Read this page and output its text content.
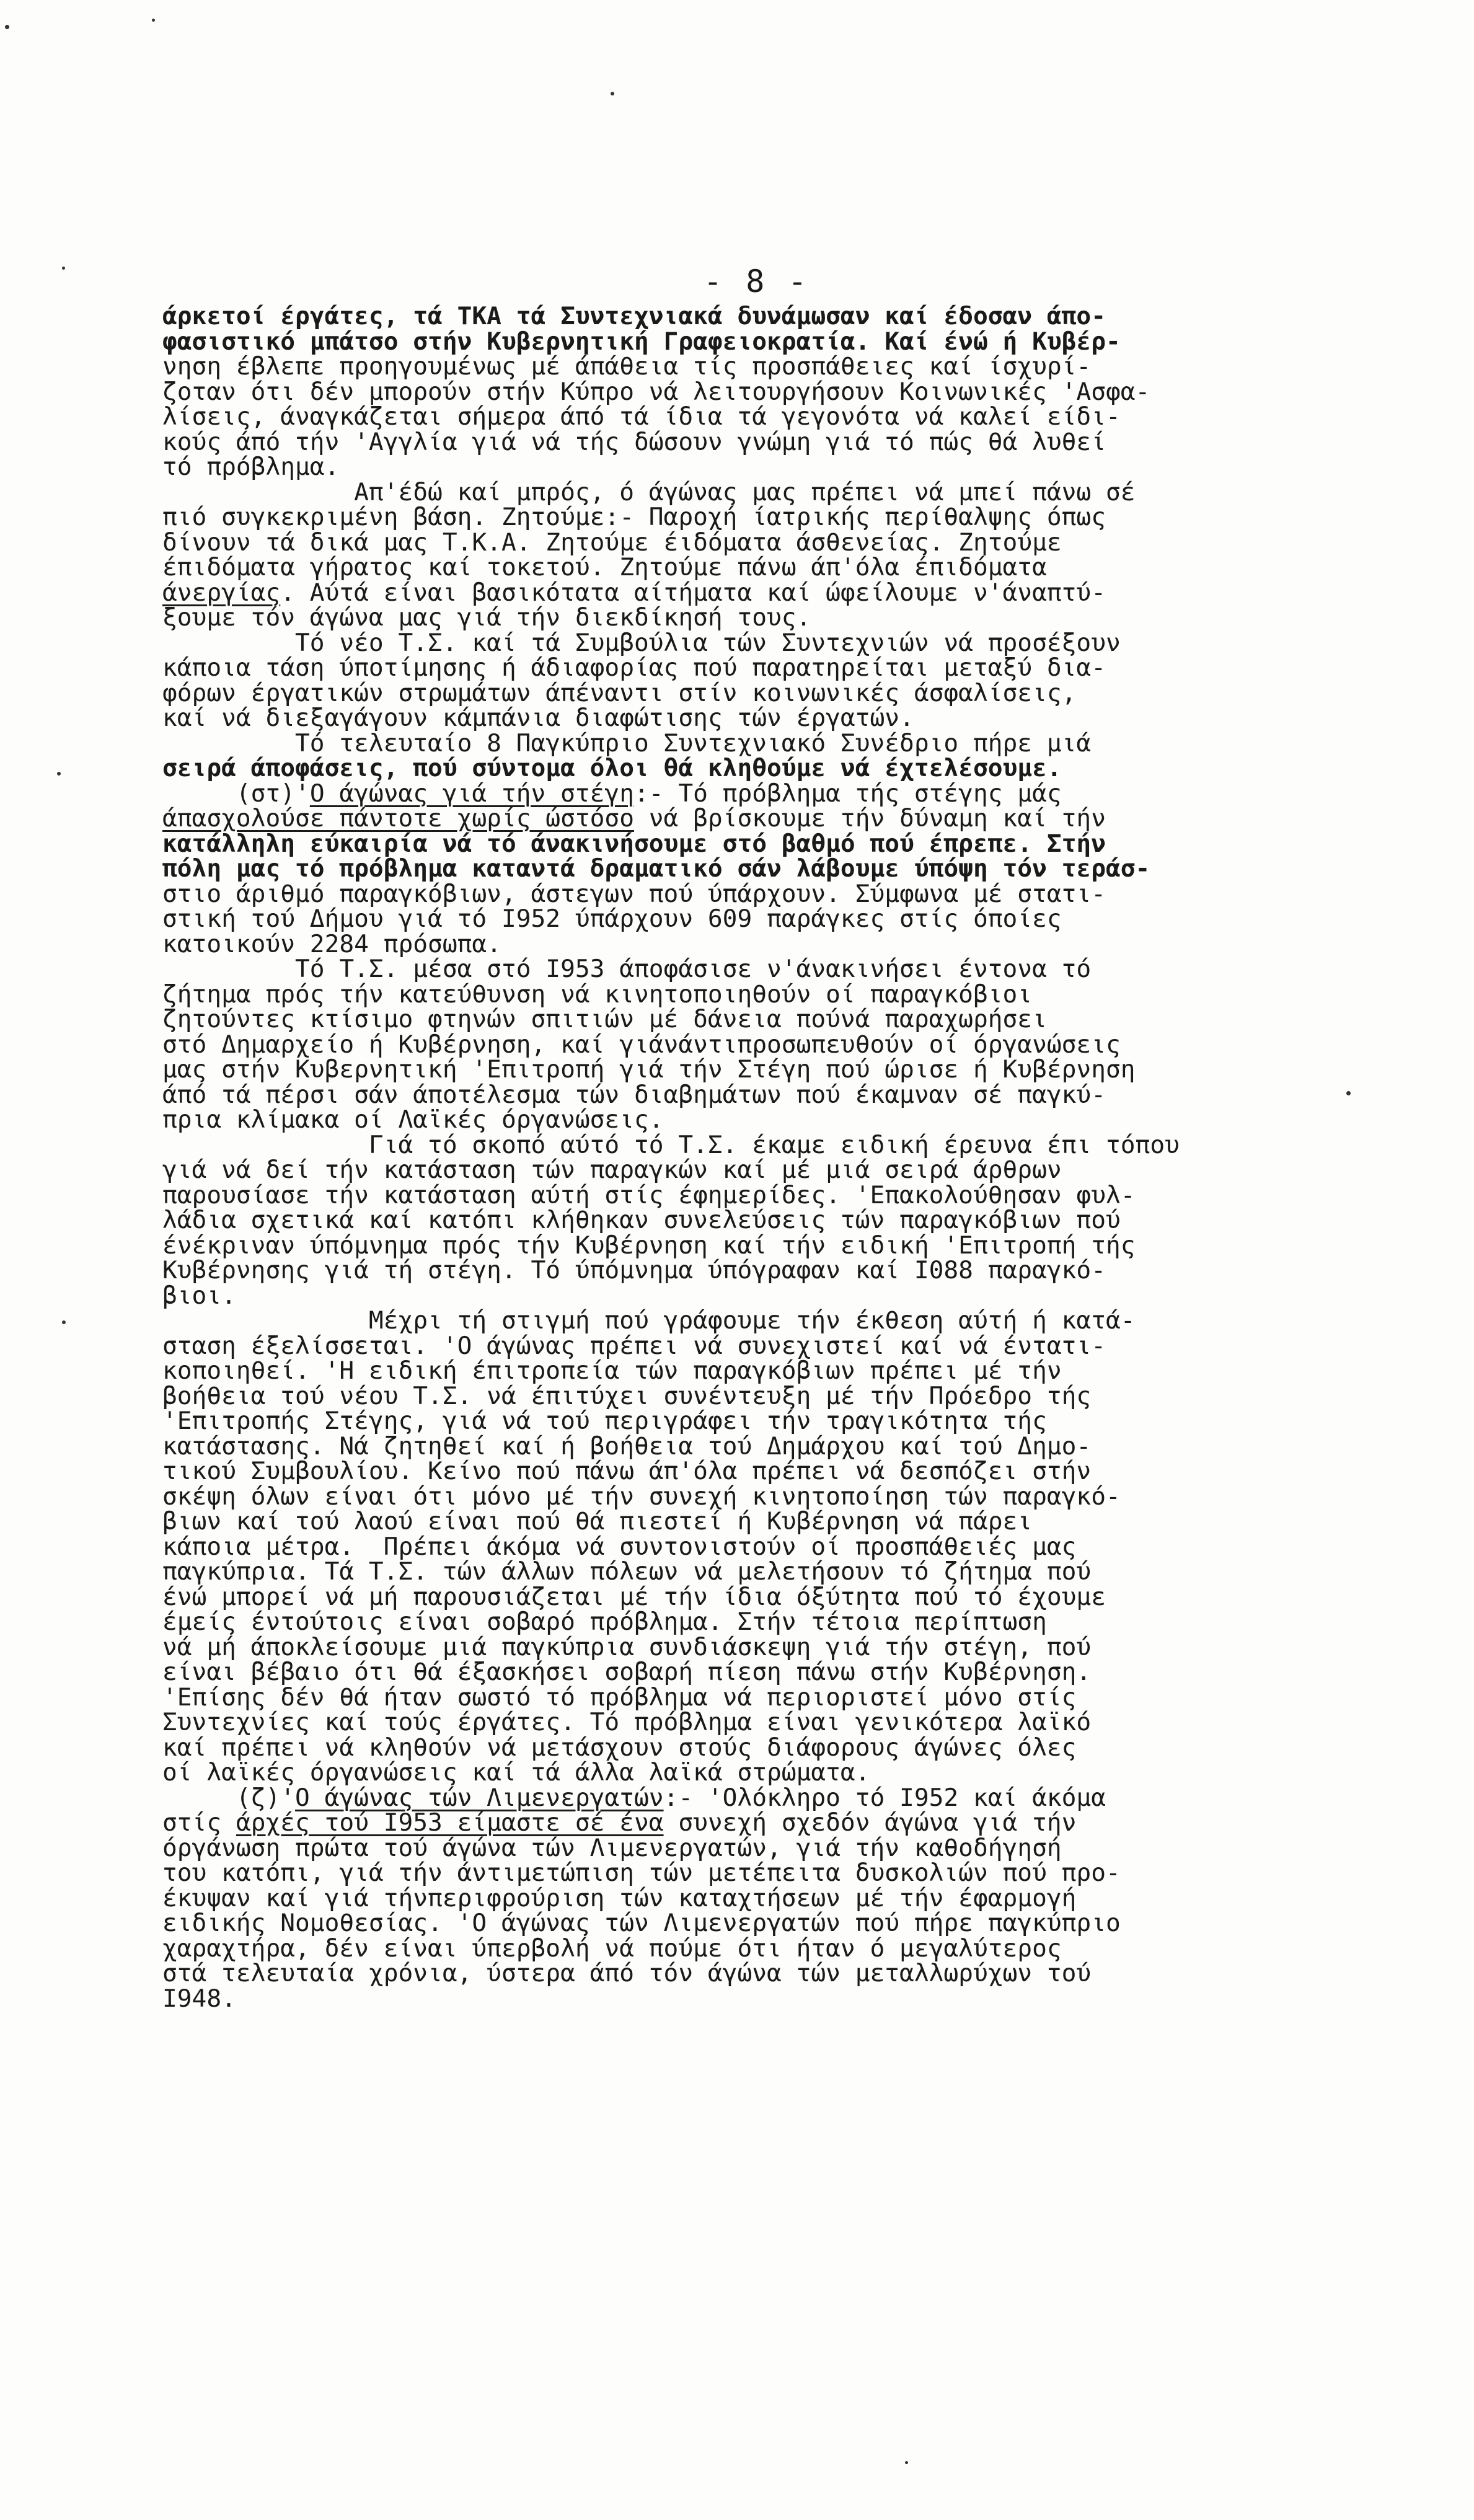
- 8 -
άρκετοί έργάτες, τά ΤΚΑ τά Συντεχνιακά δυνάμωσαν καί έδοσαν άπο-
φασιστικό μπάτσο στήν Κυβερνητική Γραφειοκρατία. Καί ένώ ή Κυβέρ-
νηση έβλεπε προηγουμένως μέ άπάθεια τίς προσπάθειες καί ίσχυρί-
ζοταν ότι δέν μπορούν στήν Κύπρο νά λειτουργήσουν Κοινωνικές 'Ασφα-
λίσεις, άναγκάζεται σήμερα άπό τά ίδια τά γεγονότα νά καλεί είδι-
κούς άπό τήν 'Αγγλία γιά νά τής δώσουν γνώμη γιά τό πώς θά λυθεί
τό πρόβλημα.
Απ'έδώ καί μπρός, ό άγώνας μας πρέπει νά μπεί πάνω σέ
πιό συγκεκριμένη βάση. Ζητούμε:- Παροχή ίατρικής περίθαλψης όπως
δίνουν τά δικά μας Τ.Κ.Α. Ζητούμε έιδόματα άσθενείας. Ζητούμε
έπιδόματα γήρατος καί τοκετού. Ζητούμε πάνω άπ'όλα έπιδόματα
άνεργίας. Αύτά είναι βασικότατα αίτήματα καί ώφείλουμε ν'άναπτύ-
ξουμε τόν άγώνα μας γιά τήν διεκδίκησή τους.
Τό νέο Τ.Σ. καί τά Συμβούλια τών Συντεχνιών νά προσέξουν
κάποια τάση ύποτίμησης ή άδιαφορίας πού παρατηρείται μεταξύ δια-
φόρων έργατικών στρωμάτων άπέναντι στίν κοινωνικές άσφαλίσεις,
καί νά διεξαγάγουν κάμπάνια διαφώτισης τών έργατών.
Τό τελευταίο 8 Παγκύπριο Συντεχνιακό Συνέδριο πήρε μιά
σειρά άποφάσεις, πού σύντομα όλοι θά κληθούμε νά έχτελέσουμε.
(στ)'Ο άγώνας γιά τήν στέγη:- Τό πρόβλημα τής στέγης μάς
άπασχολούσε πάντοτε χωρίς ώστόσο νά βρίσκουμε τήν δύναμη καί τήν
κατάλληλη εύκαιρία νά τό άνακινήσουμε στό βαθμό πού έπρεπε. Στήν
πόλη μας τό πρόβλημα καταντά δραματικό σάν λάβουμε ύπόψη τόν τεράσ-
στιο άριθμό παραγκόβιων, άστεγων πού ύπάρχουν. Σύμφωνα μέ στατι-
στική τού Δήμου γιά τό Ι952 ύπάρχουν 609 παράγκες στίς όποίες
κατοικούν 2284 πρόσωπα.
Τό Τ.Σ. μέσα στό Ι953 άποφάσισε ν'άνακινήσει έντονα τό
ζήτημα πρός τήν κατεύθυνση νά κινητοποιηθούν οί παραγκόβιοι
ζητούντες κτίσιμο φτηνών σπιτιών μέ δάνεια πούνά παραχωρήσει
στό Δημαρχείο ή Κυβέρνηση, καί γιάνάντιπροσωπευθούν οί όργανώσεις
μας στήν Κυβερνητική 'Επιτροπή γιά τήν Στέγη πού ώρισε ή Κυβέρνηση
άπό τά πέρσι σάν άποτέλεσμα τών διαβημάτων πού έκαμναν σέ παγκύ-
πρια κλίμακα οί Λαϊκές όργανώσεις.
Γιά τό σκοπό αύτό τό Τ.Σ. έκαμε ειδική έρευνα έπι τόπου
γιά νά δεί τήν κατάσταση τών παραγκών καί μέ μιά σειρά άρθρων
παρουσίασε τήν κατάσταση αύτή στίς έφημερίδες. 'Επακολούθησαν φυλ-
λάδια σχετικά καί κατόπι κλήθηκαν συνελεύσεις τών παραγκόβιων πού
ένέκριναν ύπόμνημα πρός τήν Κυβέρνηση καί τήν ειδική 'Επιτροπή τής
Κυβέρνησης γιά τή στέγη. Τό ύπόμνημα ύπόγραφαν καί Ι088 παραγκό-
βιοι.
Μέχρι τή στιγμή πού γράφουμε τήν έκθεση αύτή ή κατά-
σταση έξελίσσεται. 'Ο άγώνας πρέπει νά συνεχιστεί καί νά έντατι-
κοποιηθεί. 'Η ειδική έπιτροπεία τών παραγκόβιων πρέπει μέ τήν
βοήθεια τού νέου Τ.Σ. νά έπιτύχει συνέντευξη μέ τήν Πρόεδρο τής
'Επιτροπής Στέγης, γιά νά τού περιγράφει τήν τραγικότητα τής
κατάστασης. Νά ζητηθεί καί ή βοήθεια τού Δημάρχου καί τού Δημο-
τικού Συμβουλίου. Κείνο πού πάνω άπ'όλα πρέπει νά δεσπόζει στήν
σκέψη όλων είναι ότι μόνο μέ τήν συνεχή κινητοποίηση τών παραγκό-
βιων καί τού λαού είναι πού θά πιεστεί ή Κυβέρνηση νά πάρει
κάποια μέτρα.  Πρέπει άκόμα νά συντονιστούν οί προσπάθειές μας
παγκύπρια. Τά Τ.Σ. τών άλλων πόλεων νά μελετήσουν τό ζήτημα πού
ένώ μπορεί νά μή παρουσιάζεται μέ τήν ίδια όξύτητα πού τό έχουμε
έμείς έντούτοις είναι σοβαρό πρόβλημα. Στήν τέτοια περίπτωση
νά μή άποκλείσουμε μιά παγκύπρια συνδιάσκεψη γιά τήν στέγη, πού
είναι βέβαιο ότι θά έξασκήσει σοβαρή πίεση πάνω στήν Κυβέρνηση.
'Επίσης δέν θά ήταν σωστό τό πρόβλημα νά περιοριστεί μόνο στίς
Συντεχνίες καί τούς έργάτες. Τό πρόβλημα είναι γενικότερα λαϊκό
καί πρέπει νά κληθούν νά μετάσχουν στούς διάφορους άγώνες όλες
οί λαϊκές όργανώσεις καί τά άλλα λαϊκά στρώματα.
(ζ)'Ο άγώνας τών Λιμενεργατών:- 'Ολόκληρο τό Ι952 καί άκόμα
στίς άρχές τού Ι953 είμαστε σέ ένα συνεχή σχεδόν άγώνα γιά τήν
όργάνωση πρώτα τού άγώνα τών Λιμενεργατών, γιά τήν καθοδήγησή
του κατόπι, γιά τήν άντιμετώπιση τών μετέπειτα δυσκολιών πού προ-
έκυψαν καί γιά τήνπεριφρούριση τών καταχτήσεων μέ τήν έφαρμογή
ειδικής Νομοθεσίας. 'Ο άγώνας τών Λιμενεργατών πού πήρε παγκύπριο
χαραχτήρα, δέν είναι ύπερβολή νά πούμε ότι ήταν ό μεγαλύτερος
στά τελευταία χρόνια, ύστερα άπό τόν άγώνα τών μεταλλωρύχων τού
Ι948.
